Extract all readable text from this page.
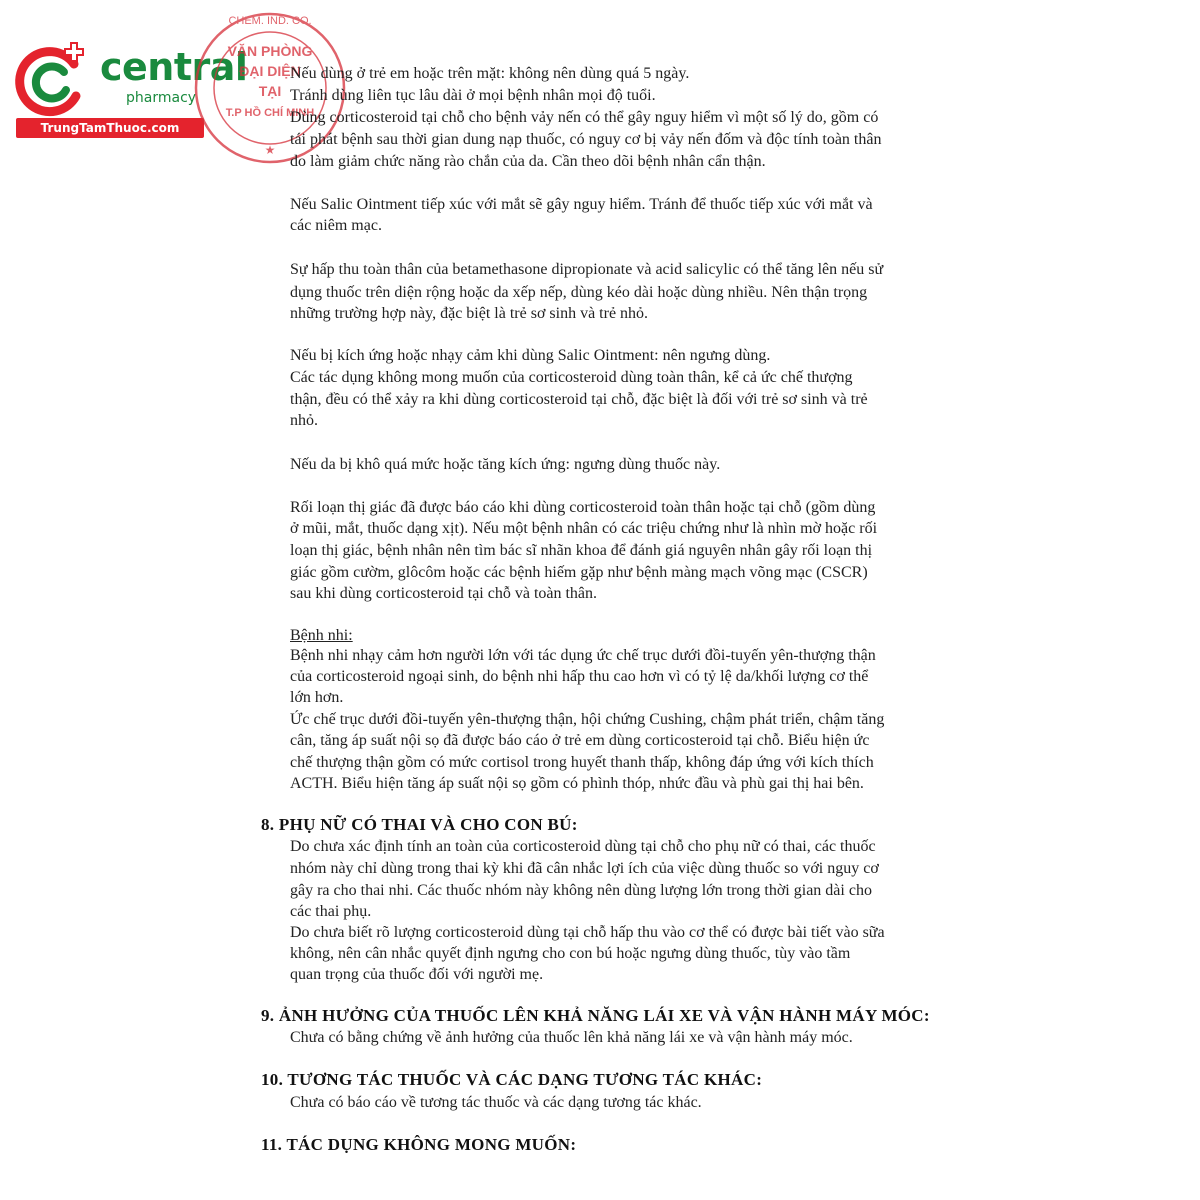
central
pharmacy
TrungTamThuoc.com
CHEM. IND. CO.
VĂN PHÒNG
ĐẠI DIỆN
TẠI
T.P HỒ CHÍ MINH
★
Nếu dùng ở trẻ em hoặc trên mặt: không nên dùng quá 5 ngày.
Tránh dùng liên tục lâu dài ở mọi bệnh nhân mọi độ tuổi.
Dùng corticosteroid tại chỗ cho bệnh vảy nến có thể gây nguy hiểm vì một số lý do, gồm có
tái phát bệnh sau thời gian dung nạp thuốc, có nguy cơ bị vảy nến đốm và độc tính toàn thân
do làm giảm chức năng rào chắn của da. Cần theo dõi bệnh nhân cẩn thận.
Nếu Salic Ointment tiếp xúc với mắt sẽ gây nguy hiểm. Tránh để thuốc tiếp xúc với mắt và
các niêm mạc.
Sự hấp thu toàn thân của betamethasone dipropionate và acid salicylic có thể tăng lên nếu sử
dụng thuốc trên diện rộng hoặc da xếp nếp, dùng kéo dài hoặc dùng nhiều. Nên thận trọng
những trường hợp này, đặc biệt là trẻ sơ sinh và trẻ nhỏ.
Nếu bị kích ứng hoặc nhạy cảm khi dùng Salic Ointment: nên ngưng dùng.
Các tác dụng không mong muốn của corticosteroid dùng toàn thân, kể cả ức chế thượng
thận, đều có thể xảy ra khi dùng corticosteroid tại chỗ, đặc biệt là đối với trẻ sơ sinh và trẻ
nhỏ.
Nếu da bị khô quá mức hoặc tăng kích ứng: ngưng dùng thuốc này.
Rối loạn thị giác đã được báo cáo khi dùng corticosteroid toàn thân hoặc tại chỗ (gồm dùng
ở mũi, mắt, thuốc dạng xịt). Nếu một bệnh nhân có các triệu chứng như là nhìn mờ hoặc rối
loạn thị giác, bệnh nhân nên tìm bác sĩ nhãn khoa để đánh giá nguyên nhân gây rối loạn thị
giác gồm cườm, glôcôm hoặc các bệnh hiếm gặp như bệnh màng mạch võng mạc (CSCR)
sau khi dùng corticosteroid tại chỗ và toàn thân.
Bệnh nhi:
Bệnh nhi nhạy cảm hơn người lớn với tác dụng ức chế trục dưới đồi-tuyến yên-thượng thận
của corticosteroid ngoại sinh, do bệnh nhi hấp thu cao hơn vì có tỷ lệ da/khối lượng cơ thể
lớn hơn.
Ức chế trục dưới đồi-tuyến yên-thượng thận, hội chứng Cushing, chậm phát triển, chậm tăng
cân, tăng áp suất nội sọ đã được báo cáo ở trẻ em dùng corticosteroid tại chỗ. Biểu hiện ức
chế thượng thận gồm có mức cortisol trong huyết thanh thấp, không đáp ứng với kích thích
ACTH. Biểu hiện tăng áp suất nội sọ gồm có phình thóp, nhức đầu và phù gai thị hai bên.
8. PHỤ NỮ CÓ THAI VÀ CHO CON BÚ:
Do chưa xác định tính an toàn của corticosteroid dùng tại chỗ cho phụ nữ có thai, các thuốc
nhóm này chỉ dùng trong thai kỳ khi đã cân nhắc lợi ích của việc dùng thuốc so với nguy cơ
gây ra cho thai nhi. Các thuốc nhóm này không nên dùng lượng lớn trong thời gian dài cho
các thai phụ.
Do chưa biết rõ lượng corticosteroid dùng tại chỗ hấp thu vào cơ thể có được bài tiết vào sữa
không, nên cân nhắc quyết định ngưng cho con bú hoặc ngưng dùng thuốc, tùy vào tầm
quan trọng của thuốc đối với người mẹ.
9. ẢNH HƯỞNG CỦA THUỐC LÊN KHẢ NĂNG LÁI XE VÀ VẬN HÀNH MÁY MÓC:
Chưa có bằng chứng về ảnh hưởng của thuốc lên khả năng lái xe và vận hành máy móc.
10. TƯƠNG TÁC THUỐC VÀ CÁC DẠNG TƯƠNG TÁC KHÁC:
Chưa có báo cáo về tương tác thuốc và các dạng tương tác khác.
11. TÁC DỤNG KHÔNG MONG MUỐN:
